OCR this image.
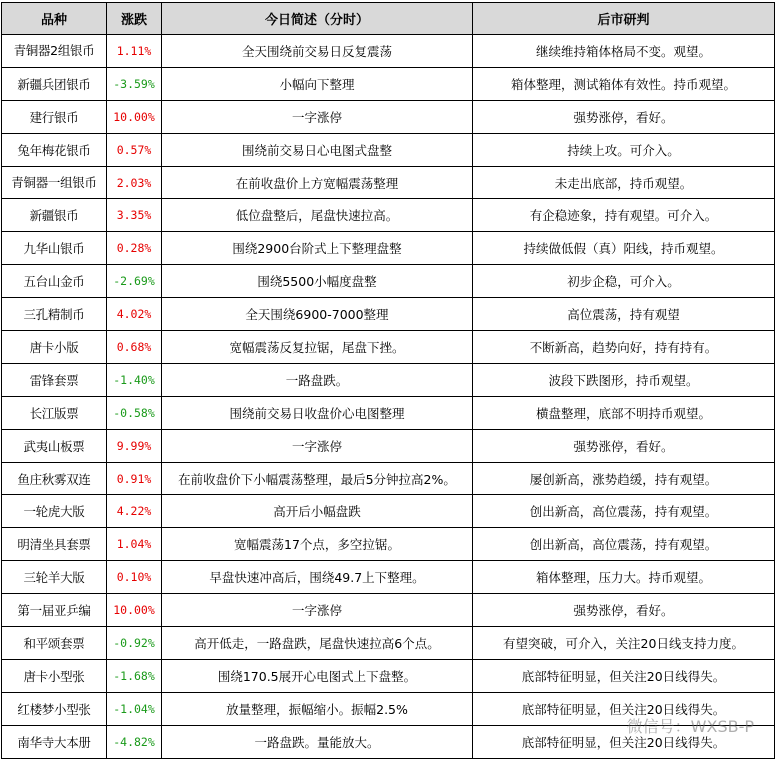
品种	涨跌	今日简述（分时）	后市研判
青铜器2组银币	1.11%	全天围绕前交易日反复震荡	继续维持箱体格局不变。观望。
新疆兵团银币	-3.59%	小幅向下整理	箱体整理，测试箱体有效性。持币观望。
建行银币	10.00%	一字涨停	强势涨停，看好。
兔年梅花银币	0.57%	围绕前交易日心电图式盘整	持续上攻。可介入。
青铜器一组银币	2.03%	在前收盘价上方宽幅震荡整理	未走出底部，持币观望。
新疆银币	3.35%	低位盘整后，尾盘快速拉高。	有企稳迹象，持有观望。可介入。
九华山银币	0.28%	围绕2900台阶式上下整理盘整	持续做低假（真）阳线，持币观望。
五台山金币	-2.69%	围绕5500小幅度盘整	初步企稳，可介入。
三孔精制币	4.02%	全天围绕6900-7000整理	高位震荡，持有观望
唐卡小版	0.68%	宽幅震荡反复拉锯，尾盘下挫。	不断新高，趋势向好，持有持有。
雷锋套票	-1.40%	一路盘跌。	波段下跌图形，持币观望。
长江版票	-0.58%	围绕前交易日收盘价心电图整理	横盘整理，底部不明持币观望。
武夷山板票	9.99%	一字涨停	强势涨停，看好。
鱼庄秋雾双连	0.91%	在前收盘价下小幅震荡整理，最后5分钟拉高2%。	屡创新高，涨势趋缓，持有观望。
一轮虎大版	4.22%	高开后小幅盘跌	创出新高，高位震荡，持有观望。
明清坐具套票	1.04%	宽幅震荡17个点，多空拉锯。	创出新高，高位震荡，持有观望。
三轮羊大版	0.10%	早盘快速冲高后，围绕49.7上下整理。	箱体整理，压力大。持币观望。
第一届亚乒编	10.00%	一字涨停	强势涨停，看好。
和平颂套票	-0.92%	高开低走，一路盘跌，尾盘快速拉高6个点。	有望突破，可介入，关注20日线支持力度。
唐卡小型张	-1.68%	围绕170.5展开心电图式上下盘整。	底部特征明显，但关注20日线得失。
红楼梦小型张	-1.04%	放量整理，振幅缩小。振幅2.5%	底部特征明显，但关注20日线得失。
南华寺大本册	-4.82%	一路盘跌。量能放大。	底部特征明显，但关注20日线得失。
微信号：WXSB-P
